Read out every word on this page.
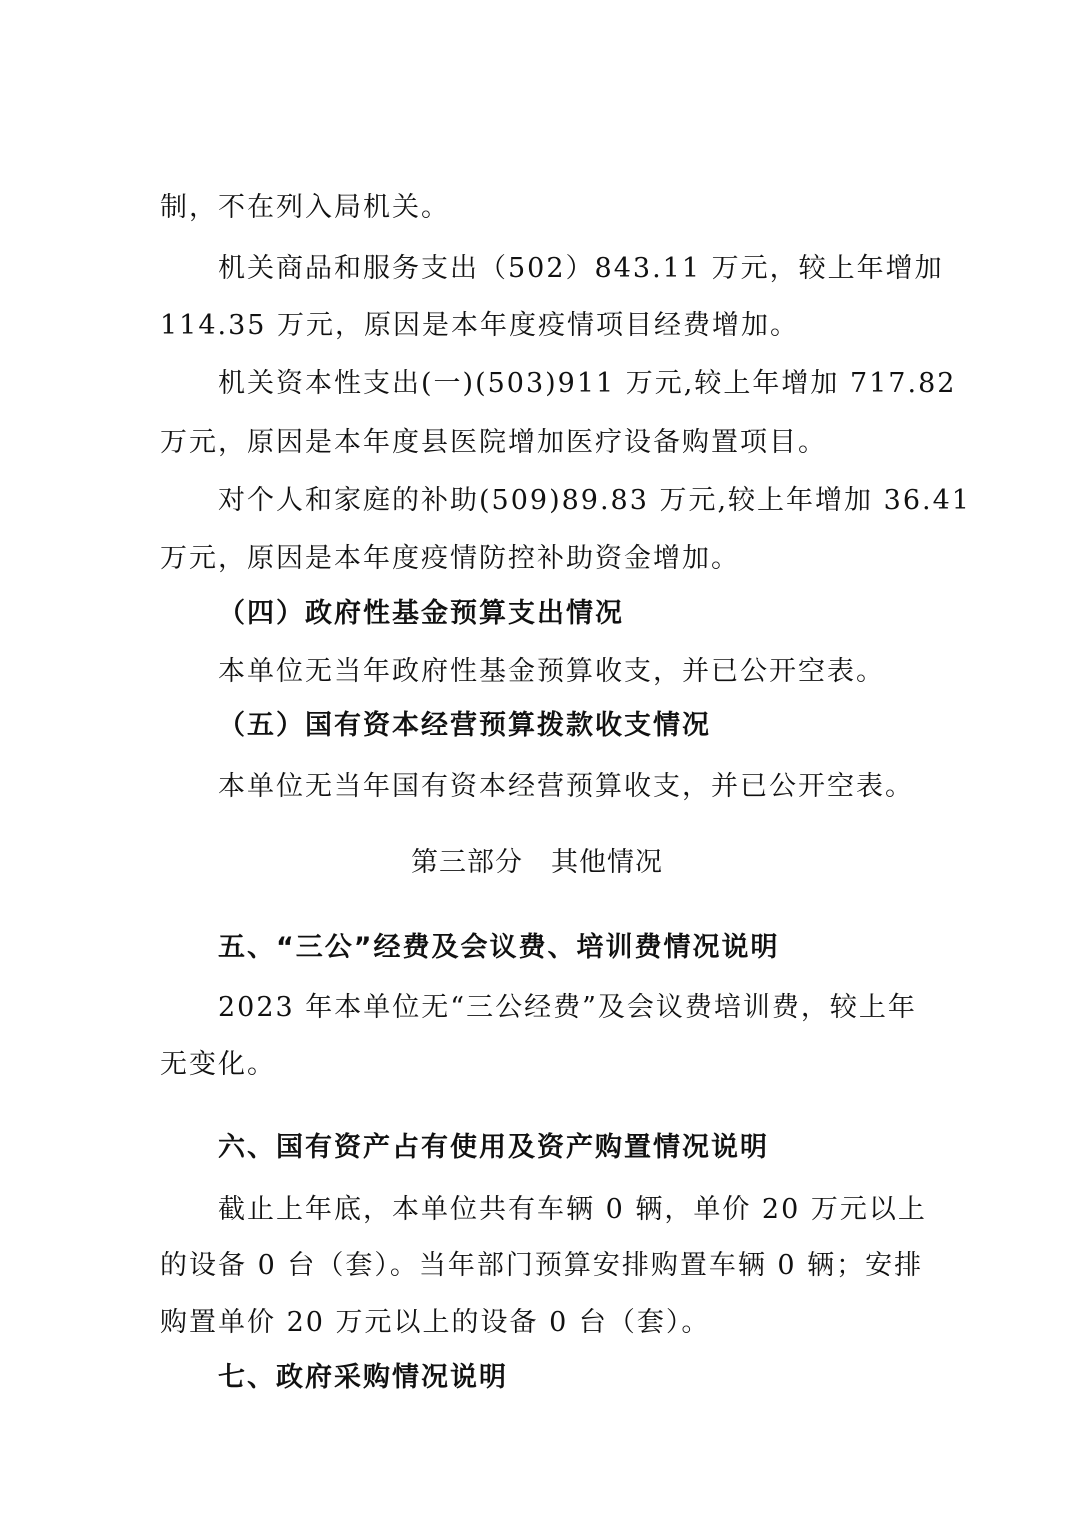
制，不在列入局机关。
机关商品和服务支出（502）843.11 万元，较上年增加
114.35 万元，原因是本年度疫情项目经费增加。
机关资本性支出(一)(503)911 万元,较上年增加 717.82
万元，原因是本年度县医院增加医疗设备购置项目。
对个人和家庭的补助(509)89.83 万元,较上年增加 36.41
万元，原因是本年度疫情防控补助资金增加。
（四）政府性基金预算支出情况
本单位无当年政府性基金预算收支，并已公开空表。
（五）国有资本经营预算拨款收支情况
本单位无当年国有资本经营预算收支，并已公开空表。
第三部分　其他情况
五、“三公”经费及会议费、培训费情况说明
2023 年本单位无“三公经费”及会议费培训费，较上年
无变化。
六、国有资产占有使用及资产购置情况说明
截止上年底，本单位共有车辆 0 辆，单价 20 万元以上
的设备 0 台（套）。当年部门预算安排购置车辆 0 辆；安排
购置单价 20 万元以上的设备 0 台（套）。
七、政府采购情况说明
